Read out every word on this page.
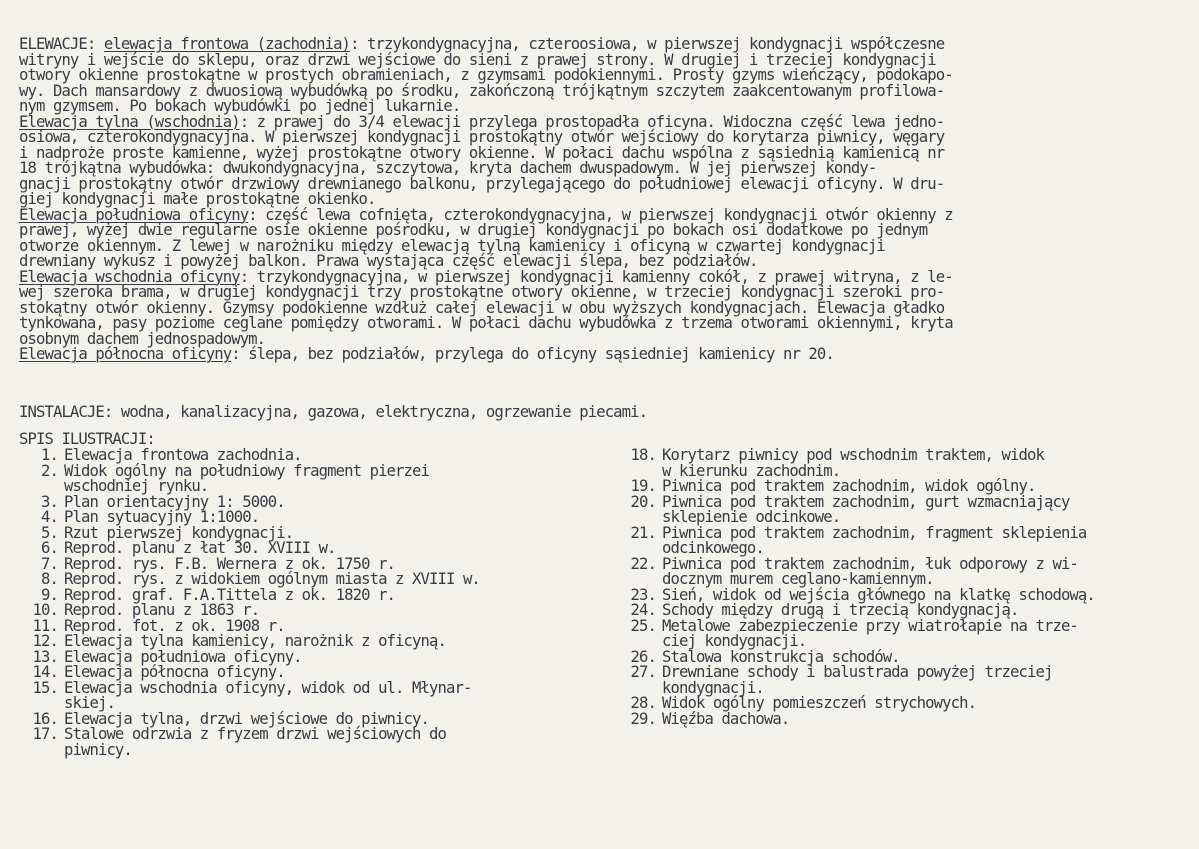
ELEWACJE: elewacja frontowa (zachodnia): trzykondygnacyjna, czteroosiowa, w pierwszej kondygnacji współczesne
witryny i wejście do sklepu, oraz drzwi wejściowe do sieni z prawej strony. W drugiej i trzeciej kondygnacji
otwory okienne prostokątne w prostych obramieniach, z gzymsami podokiennymi. Prosty gzyms wieńczący, podokapo-
wy. Dach mansardowy z dwuosiową wybudówką po środku, zakończoną trójkątnym szczytem zaakcentowanym profilowa-
nym gzymsem. Po bokach wybudówki po jednej lukarnie.
Elewacja tylna (wschodnia): z prawej do 3/4 elewacji przylega prostopadła oficyna. Widoczna część lewa jedno-
osiowa, czterokondygnacyjna. W pierwszej kondygnacji prostokątny otwór wejściowy do korytarza piwnicy, węgary
i nadproże proste kamienne, wyżej prostokątne otwory okienne. W połaci dachu wspólna z sąsiednią kamienicą nr
18 trójkątna wybudówka: dwukondygnacyjna, szczytowa, kryta dachem dwuspadowym. W jej pierwszej kondy-
gnacji prostokątny otwór drzwiowy drewnianego balkonu, przylegającego do południowej elewacji oficyny. W dru-
giej kondygnacji małe prostokątne okienko.
Elewacja południowa oficyny: część lewa cofnięta, czterokondygnacyjna, w pierwszej kondygnacji otwór okienny z
prawej, wyżej dwie regularne osie okienne pośrodku, w drugiej kondygnacji po bokach osi dodatkowe po jednym
otworze okiennym. Z lewej w narożniku między elewacją tylną kamienicy i oficyną w czwartej kondygnacji
drewniany wykusz i powyżej balkon. Prawa wystająca część elewacji ślepa, bez podziałów.
Elewacja wschodnia oficyny: trzykondygnacyjna, w pierwszej kondygnacji kamienny cokół, z prawej witryna, z le-
wej szeroka brama, w drugiej kondygnacji trzy prostokątne otwory okienne, w trzeciej kondygnacji szeroki pro-
stokątny otwór okienny. Gzymsy podokienne wzdłuż całej elewacji w obu wyższych kondygnacjach. Elewacja gładko
tynkowana, pasy poziome ceglane pomiędzy otworami. W połaci dachu wybudówka z trzema otworami okiennymi, kryta
osobnym dachem jednospadowym.
Elewacja północna oficyny: ślepa, bez podziałów, przylega do oficyny sąsiedniej kamienicy nr 20.
INSTALACJE: wodna, kanalizacyjna, gazowa, elektryczna, ogrzewanie piecami.
SPIS ILUSTRACJI:
1. Elewacja frontowa zachodnia.
2. Widok ogólny na południowy fragment pierzei
wschodniej rynku.
3. Plan orientacyjny 1: 5000.
4. Plan sytuacyjny 1:1000.
5. Rzut pierwszej kondygnacji.
6. Reprod. planu z łat 30. XVIII w.
7. Reprod. rys. F.B. Wernera z ok. 1750 r.
8. Reprod. rys. z widokiem ogólnym miasta z XVIII w.
9. Reprod. graf. F.A.Tittela z ok. 1820 r.
10. Reprod. planu z 1863 r.
11. Reprod. fot. z ok. 1908 r.
12. Elewacja tylna kamienicy, narożnik z oficyną.
13. Elewacja południowa oficyny.
14. Elewacja północna oficyny.
15. Elewacja wschodnia oficyny, widok od ul. Młynar-
skiej.
16. Elewacja tylna, drzwi wejściowe do piwnicy.
17. Stalowe odrzwia z fryzem drzwi wejściowych do
piwnicy.
18. Korytarz piwnicy pod wschodnim traktem, widok
w kierunku zachodnim.
19. Piwnica pod traktem zachodnim, widok ogólny.
20. Piwnica pod traktem zachodnim, gurt wzmacniający
sklepienie odcinkowe.
21. Piwnica pod traktem zachodnim, fragment sklepienia
odcinkowego.
22. Piwnica pod traktem zachodnim, łuk odporowy z wi-
docznym murem ceglano-kamiennym.
23. Sień, widok od wejścia głównego na klatkę schodową.
24. Schody między drugą i trzecią kondygnacją.
25. Metalowe zabezpieczenie przy wiatrołapie na trze-
ciej kondygnacji.
26. Stalowa konstrukcja schodów.
27. Drewniane schody i balustrada powyżej trzeciej
kondygnacji.
28. Widok ogólny pomieszczeń strychowych.
29. Więźba dachowa.
